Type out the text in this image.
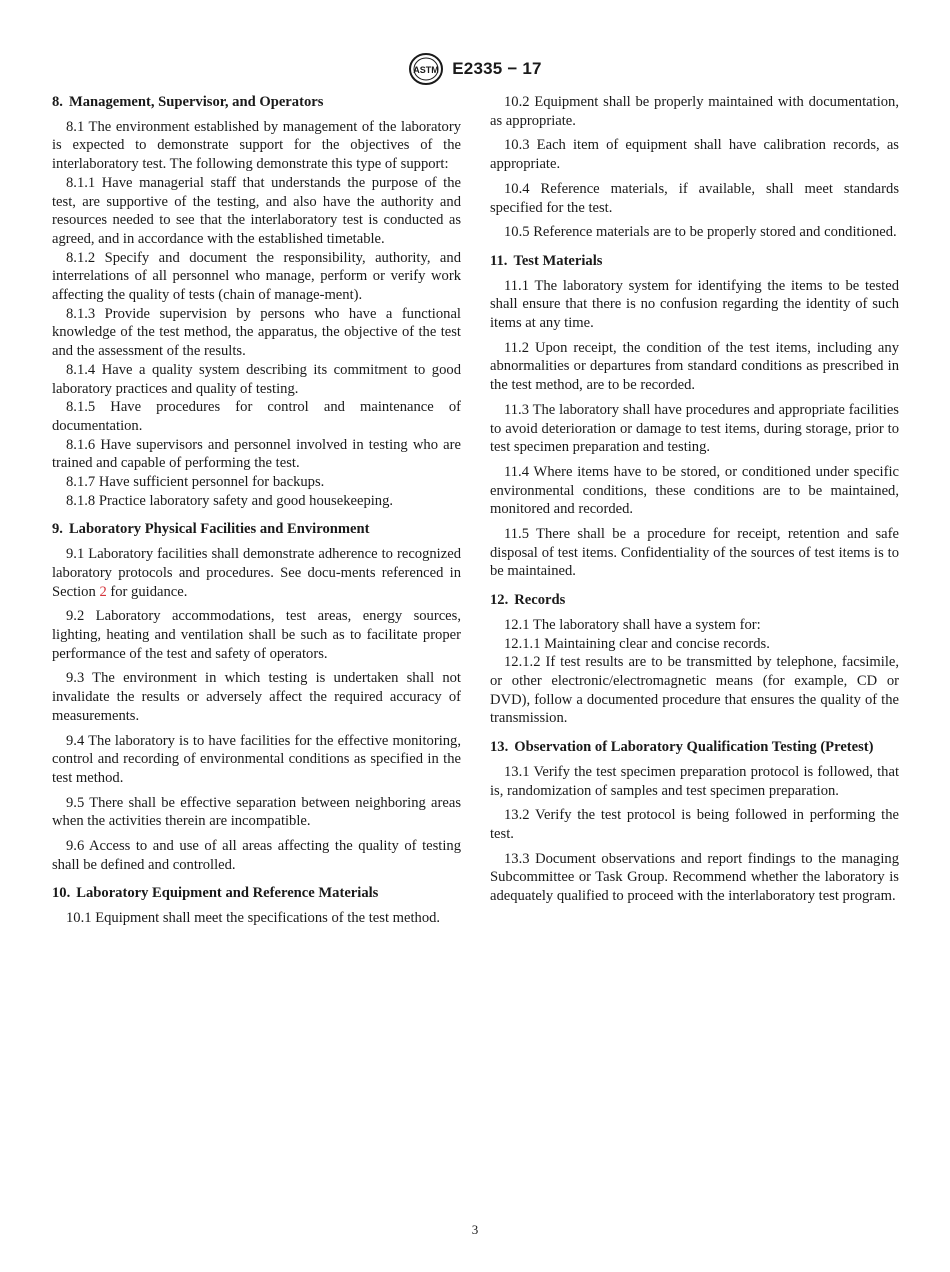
ASTM E2335 − 17
8. Management, Supervisor, and Operators

8.1 The environment established by management of the laboratory is expected to demonstrate support for the objectives of the interlaboratory test. The following demonstrate this type of support:

8.1.1 Have managerial staff that understands the purpose of the test, are supportive of the testing, and also have the authority and resources needed to see that the interlaboratory test is conducted as agreed, and in accordance with the established timetable.

8.1.2 Specify and document the responsibility, authority, and interrelations of all personnel who manage, perform or verify work affecting the quality of tests (chain of manage-ment).

8.1.3 Provide supervision by persons who have a functional knowledge of the test method, the apparatus, the objective of the test and the assessment of the results.

8.1.4 Have a quality system describing its commitment to good laboratory practices and quality of testing.

8.1.5 Have procedures for control and maintenance of documentation.

8.1.6 Have supervisors and personnel involved in testing who are trained and capable of performing the test.

8.1.7 Have sufficient personnel for backups.

8.1.8 Practice laboratory safety and good housekeeping.

9. Laboratory Physical Facilities and Environment

9.1 Laboratory facilities shall demonstrate adherence to recognized laboratory protocols and procedures. See docu-ments referenced in Section 2 for guidance.

9.2 Laboratory accommodations, test areas, energy sources, lighting, heating and ventilation shall be such as to facilitate proper performance of the test and safety of operators.

9.3 The environment in which testing is undertaken shall not invalidate the results or adversely affect the required accuracy of measurements.

9.4 The laboratory is to have facilities for the effective monitoring, control and recording of environmental conditions as specified in the test method.

9.5 There shall be effective separation between neighboring areas when the activities therein are incompatible.

9.6 Access to and use of all areas affecting the quality of testing shall be defined and controlled.

10. Laboratory Equipment and Reference Materials

10.1 Equipment shall meet the specifications of the test method.

10.2 Equipment shall be properly maintained with documentation, as appropriate.

10.3 Each item of equipment shall have calibration records, as appropriate.

10.4 Reference materials, if available, shall meet standards specified for the test.

10.5 Reference materials are to be properly stored and conditioned.

11. Test Materials

11.1 The laboratory system for identifying the items to be tested shall ensure that there is no confusion regarding the identity of such items at any time.

11.2 Upon receipt, the condition of the test items, including any abnormalities or departures from standard conditions as prescribed in the test method, are to be recorded.

11.3 The laboratory shall have procedures and appropriate facilities to avoid deterioration or damage to test items, during storage, prior to test specimen preparation and testing.

11.4 Where items have to be stored, or conditioned under specific environmental conditions, these conditions are to be maintained, monitored and recorded.

11.5 There shall be a procedure for receipt, retention and safe disposal of test items. Confidentiality of the sources of test items is to be maintained.

12. Records

12.1 The laboratory shall have a system for:

12.1.1 Maintaining clear and concise records.

12.1.2 If test results are to be transmitted by telephone, facsimile, or other electronic/electromagnetic means (for example, CD or DVD), follow a documented procedure that ensures the quality of the transmission.

13. Observation of Laboratory Qualification Testing (Pretest)

13.1 Verify the test specimen preparation protocol is followed, that is, randomization of samples and test specimen preparation.

13.2 Verify the test protocol is being followed in performing the test.

13.3 Document observations and report findings to the managing Subcommittee or Task Group. Recommend whether the laboratory is adequately qualified to proceed with the interlaboratory test program.

3
